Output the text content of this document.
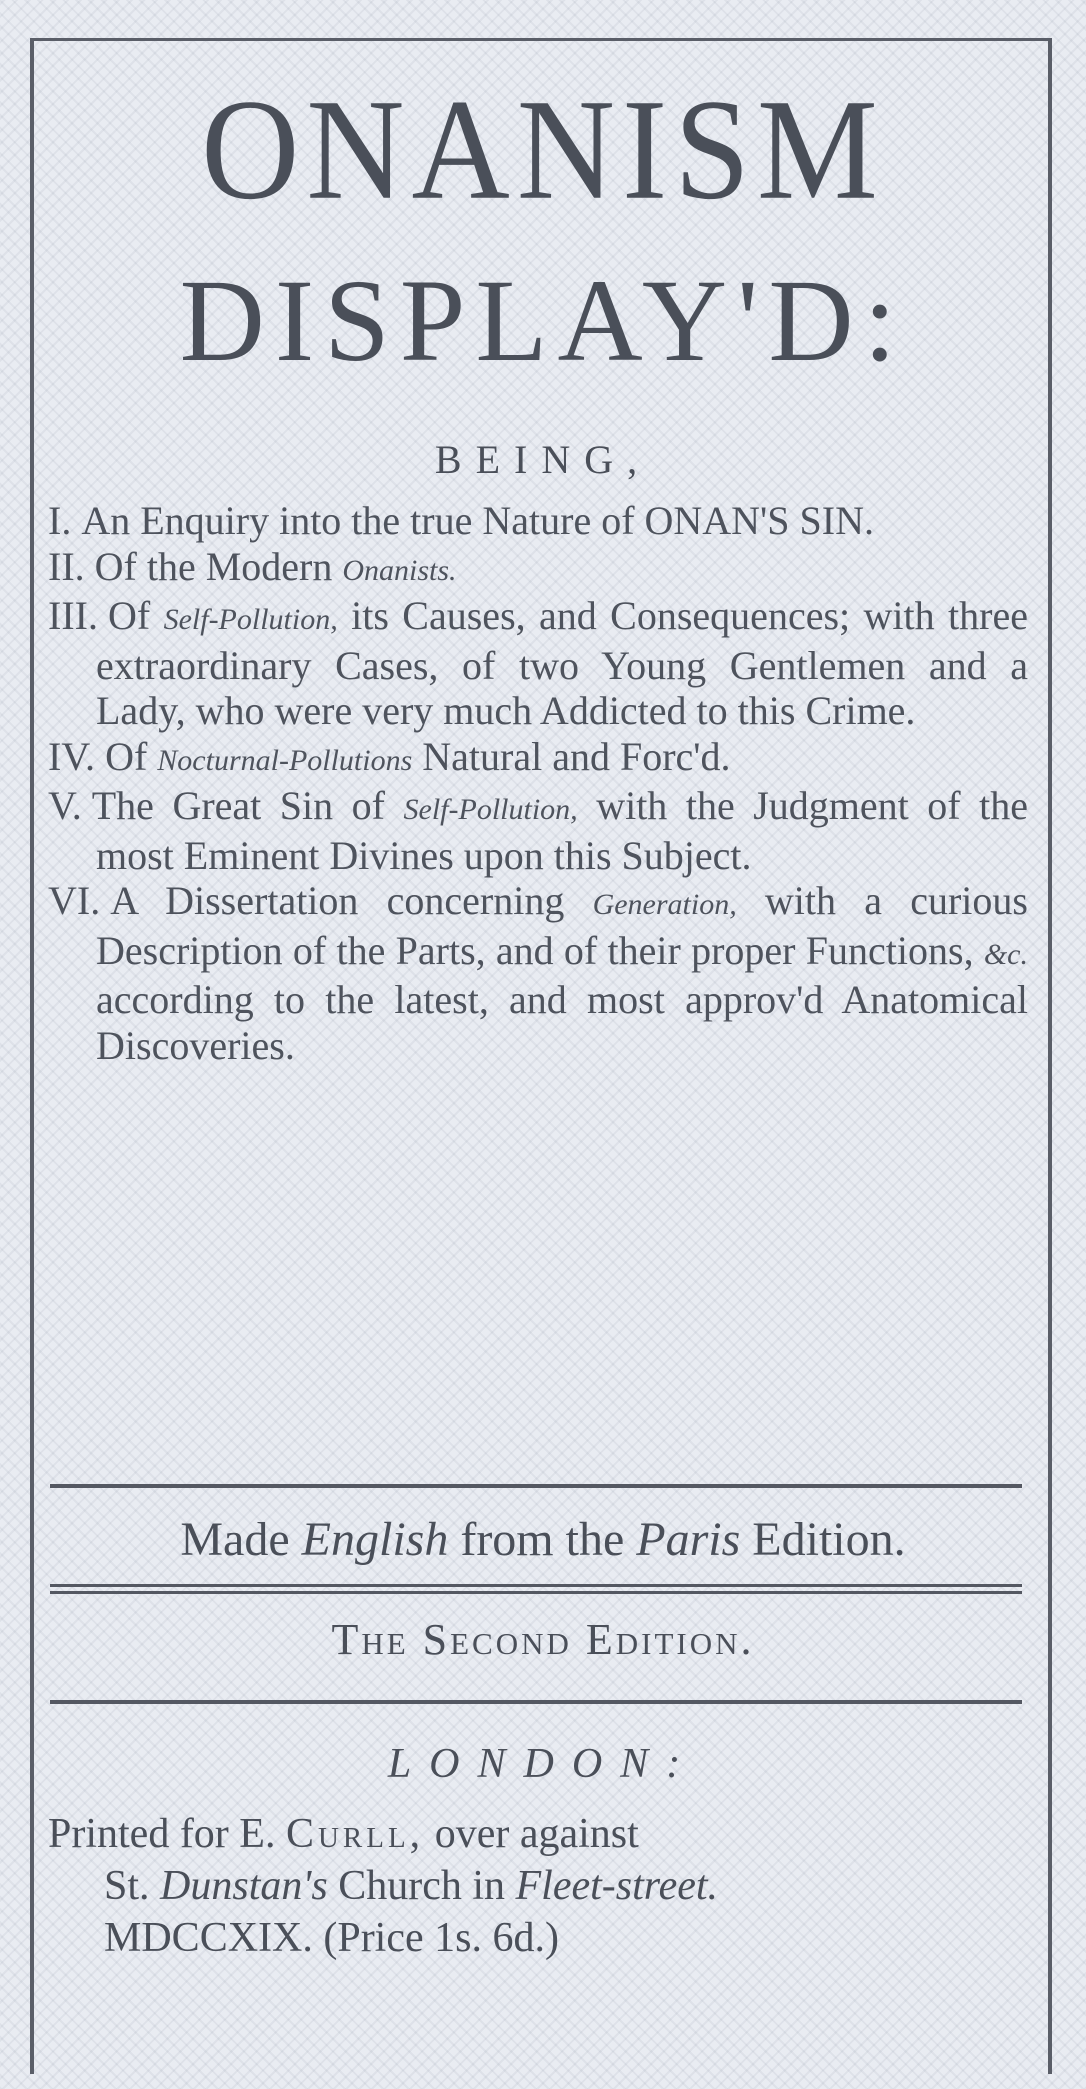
ONANISM
DISPLAY'D:
BEING,
I. An Enquiry into the true Nature of ONAN'S SIN.
II. Of the Modern Onanists.
III. Of Self-Pollution, its Causes, and Consequences; with three extraordinary Cases, of two Young Gentlemen and a Lady, who were very much Addicted to this Crime.
IV. Of Nocturnal-Pollutions Natural and Forc'd.
V. The Great Sin of Self-Pollution, with the Judgment of the most Eminent Divines upon this Subject.
VI. A Dissertation concerning Generation, with a curious Description of the Parts, and of their proper Functions, &c. according to the latest, and most approv'd Anatomical Discoveries.
Made English from the Paris Edition.
The Second Edition.
LONDON:
Printed for E. Curll, over against
St. Dunstan's Church in Fleet-street.
MDCCXIX. (Price 1s. 6d.)
